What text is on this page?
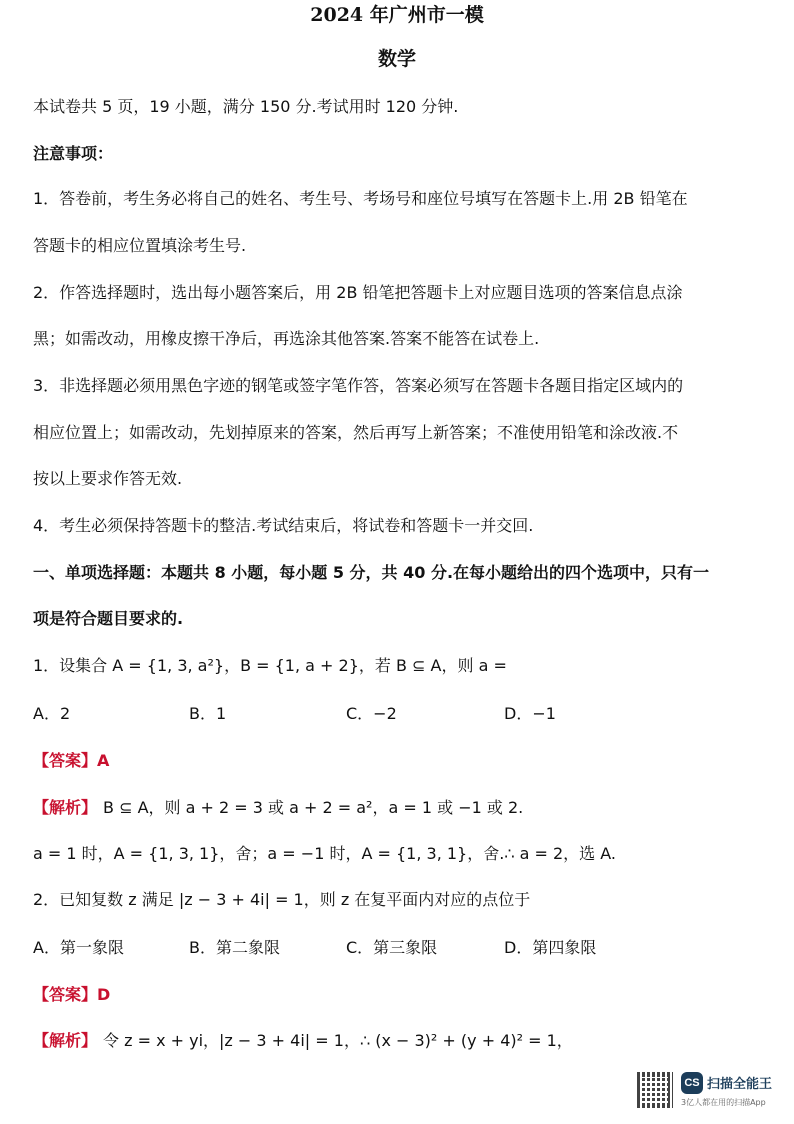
2024 年广州市一模
数学
本试卷共 5 页，19 小题，满分 150 分.考试用时 120 分钟.
注意事项：
1．答卷前，考生务必将自己的姓名、考生号、考场号和座位号填写在答题卡上.用 2B 铅笔在
答题卡的相应位置填涂考生号.
2．作答选择题时，选出每小题答案后，用 2B 铅笔把答题卡上对应题目选项的答案信息点涂
黑；如需改动，用橡皮擦干净后，再选涂其他答案.答案不能答在试卷上.
3．非选择题必须用黑色字迹的钢笔或签字笔作答，答案必须写在答题卡各题目指定区域内的
相应位置上；如需改动，先划掉原来的答案，然后再写上新答案；不准使用铅笔和涂改液.不
按以上要求作答无效.
4．考生必须保持答题卡的整洁.考试结束后，将试卷和答题卡一并交回.
一、单项选择题：本题共 8 小题，每小题 5 分，共 40 分.在每小题给出的四个选项中，只有一
项是符合题目要求的.
1．设集合 A = {1, 3, a²}，B = {1, a + 2}，若 B ⊆ A，则 a =
A．2	B．1	C．−2	D．−1
【答案】A
【解析】 B ⊆ A，则 a + 2 = 3 或 a + 2 = a²，a = 1 或 −1 或 2.
a = 1 时，A = {1, 3, 1}，舍；a = −1 时，A = {1, 3, 1}，舍.∴ a = 2，选 A.
2．已知复数 z 满足 |z − 3 + 4i| = 1，则 z 在复平面内对应的点位于
A．第一象限	B．第二象限	C．第三象限	D．第四象限
【答案】D
【解析】 令 z = x + yi，|z − 3 + 4i| = 1，∴ (x − 3)² + (y + 4)² = 1，
CS 扫描全能王
3亿人都在用的扫描App
